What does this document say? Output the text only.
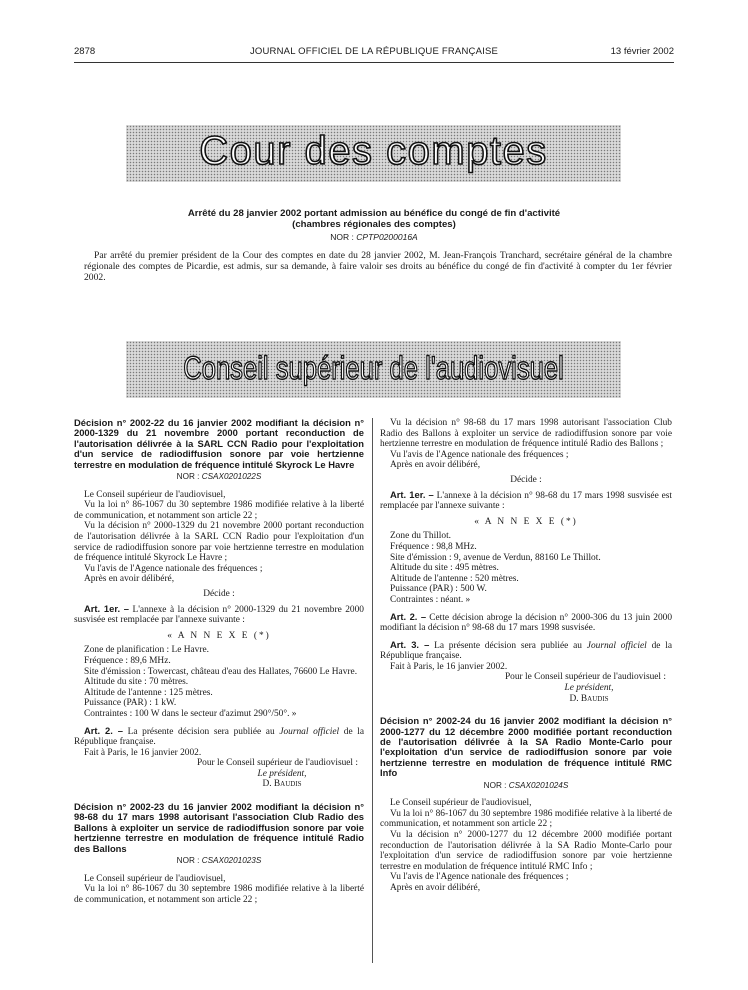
2878	JOURNAL OFFICIEL DE LA RÉPUBLIQUE FRANÇAISE	13 février 2002
Cour des comptes
Arrêté du 28 janvier 2002 portant admission au bénéfice du congé de fin d'activité
(chambres régionales des comptes)
NOR : CPTP0200016A
Par arrêté du premier président de la Cour des comptes en date du 28 janvier 2002, M. Jean-François Tranchard, secrétaire général de la chambre régionale des comptes de Picardie, est admis, sur sa demande, à faire valoir ses droits au bénéfice du congé de fin d'activité à compter du 1er février 2002.
Conseil supérieur de l'audiovisuel
Décision n° 2002-22 du 16 janvier 2002 modifiant la décision n° 2000-1329 du 21 novembre 2000 portant reconduction de l'autorisation délivrée à la SARL CCN Radio pour l'exploitation d'un service de radiodiffusion sonore par voie hertzienne terrestre en modulation de fréquence intitulé Skyrock Le Havre
NOR : CSAX0201022S

Le Conseil supérieur de l'audiovisuel,

Vu la loi n° 86-1067 du 30 septembre 1986 modifiée relative à la liberté de communication, et notamment son article 22 ;

Vu la décision n° 2000-1329 du 21 novembre 2000 portant reconduction de l'autorisation délivrée à la SARL CCN Radio pour l'exploitation d'un service de radiodiffusion sonore par voie hertzienne terrestre en modulation de fréquence intitulé Skyrock Le Havre ;

Vu l'avis de l'Agence nationale des fréquences ;

Après en avoir délibéré,

Décide :

Art. 1er. – L'annexe à la décision n° 2000-1329 du 21 novembre 2000 susvisée est remplacée par l'annexe suivante :

« A N N E X E (*)

Zone de planification : Le Havre.

Fréquence : 89,6 MHz.

Site d'émission : Towercast, château d'eau des Hallates, 76600 Le Havre.

Altitude du site : 70 mètres.

Altitude de l'antenne : 125 mètres.

Puissance (PAR) : 1 kW.

Contraintes : 100 W dans le secteur d'azimut 290°/50°. »

Art. 2. – La présente décision sera publiée au Journal officiel de la République française.

Fait à Paris, le 16 janvier 2002.

Pour le Conseil supérieur de l'audiovisuel :

Le président,
D. Baudis
Décision n° 2002-23 du 16 janvier 2002 modifiant la décision n° 98-68 du 17 mars 1998 autorisant l'association Club Radio des Ballons à exploiter un service de radiodiffusion sonore par voie hertzienne terrestre en modulation de fréquence intitulé Radio des Ballons
NOR : CSAX0201023S

Le Conseil supérieur de l'audiovisuel,

Vu la loi n° 86-1067 du 30 septembre 1986 modifiée relative à la liberté de communication, et notamment son article 22 ;

Vu la décision n° 98-68 du 17 mars 1998 autorisant l'association Club Radio des Ballons à exploiter un service de radiodiffusion sonore par voie hertzienne terrestre en modulation de fréquence intitulé Radio des Ballons ;

Vu l'avis de l'Agence nationale des fréquences ;

Après en avoir délibéré,

Décide :

Art. 1er. – L'annexe à la décision n° 98-68 du 17 mars 1998 susvisée est remplacée par l'annexe suivante :

« A N N E X E (*)

Zone du Thillot.

Fréquence : 98,8 MHz.

Site d'émission : 9, avenue de Verdun, 88160 Le Thillot.

Altitude du site : 495 mètres.

Altitude de l'antenne : 520 mètres.

Puissance (PAR) : 500 W.

Contraintes : néant. »

Art. 2. – Cette décision abroge la décision n° 2000-306 du 13 juin 2000 modifiant la décision n° 98-68 du 17 mars 1998 susvisée.

Art. 3. – La présente décision sera publiée au Journal officiel de la République française.

Fait à Paris, le 16 janvier 2002.

Pour le Conseil supérieur de l'audiovisuel :

Le président,
D. Baudis
Décision n° 2002-24 du 16 janvier 2002 modifiant la décision n° 2000-1277 du 12 décembre 2000 modifiée portant reconduction de l'autorisation délivrée à la SA Radio Monte-Carlo pour l'exploitation d'un service de radiodiffusion sonore par voie hertzienne terrestre en modulation de fréquence intitulé RMC Info
NOR : CSAX0201024S

Le Conseil supérieur de l'audiovisuel,

Vu la loi n° 86-1067 du 30 septembre 1986 modifiée relative à la liberté de communication, et notamment son article 22 ;

Vu la décision n° 2000-1277 du 12 décembre 2000 modifiée portant reconduction de l'autorisation délivrée à la SA Radio Monte-Carlo pour l'exploitation d'un service de radiodiffusion sonore par voie hertzienne terrestre en modulation de fréquence intitulé RMC Info ;

Vu l'avis de l'Agence nationale des fréquences ;

Après en avoir délibéré,
